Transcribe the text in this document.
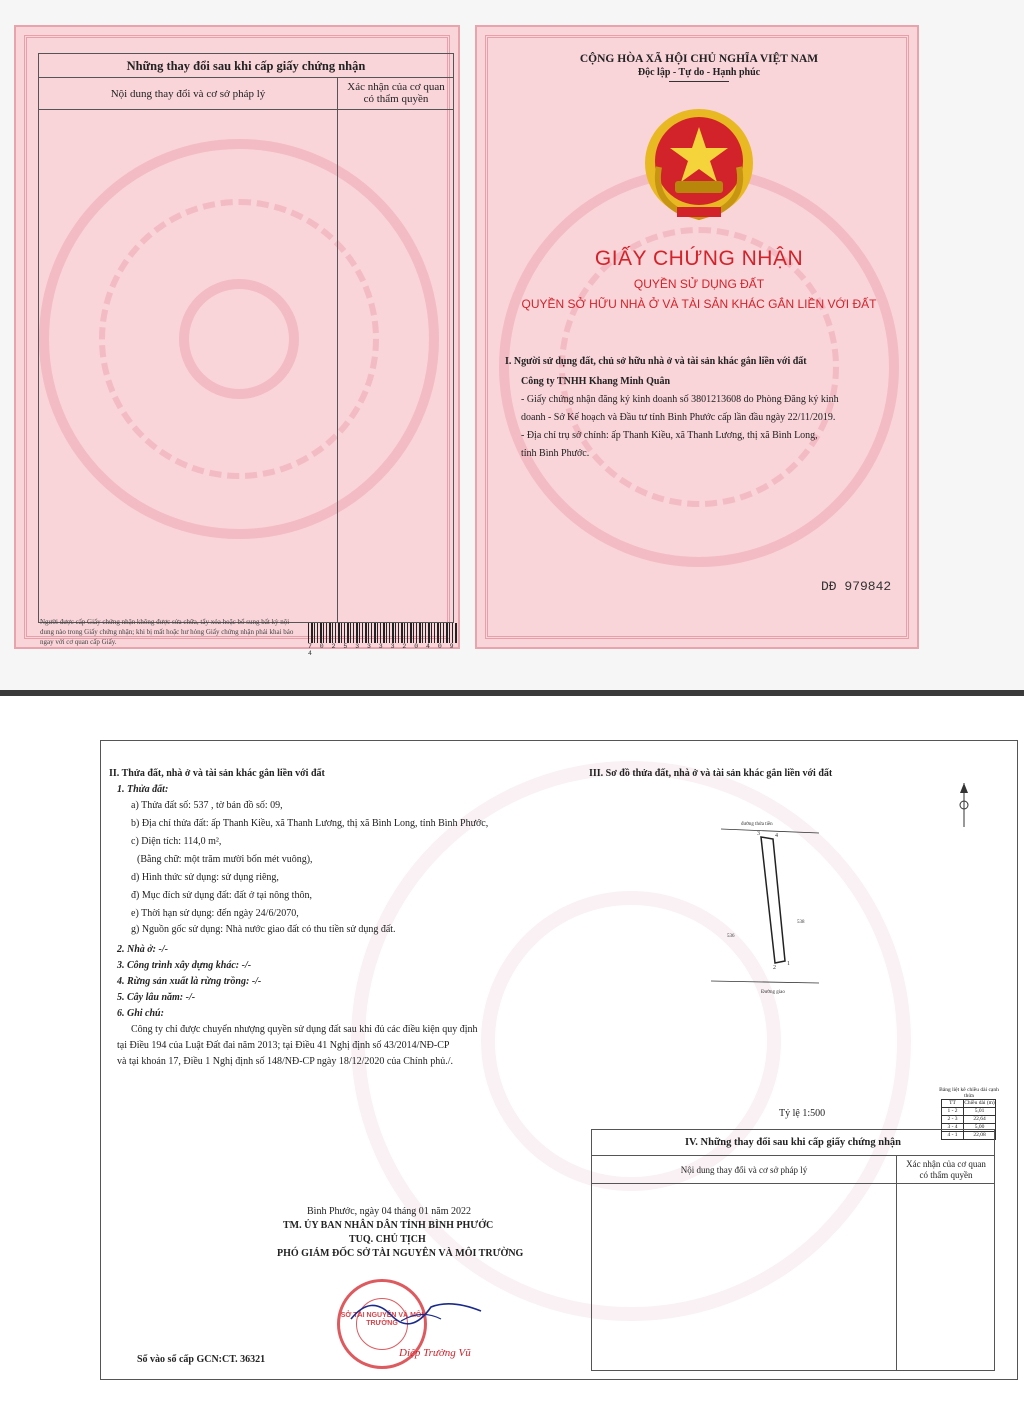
Những thay đổi sau khi cấp giấy chứng nhận
Nội dung thay đổi và cơ sở pháp lý
Xác nhận của cơ quan
có thẩm quyền
Người được cấp Giấy chứng nhận không được sửa chữa, tẩy xóa hoặc bổ sung bất kỳ nội dung nào trong Giấy chứng nhận; khi bị mất hoặc hư hỏng Giấy chứng nhận phải khai báo ngay với cơ quan cấp Giấy.
7 0 2 5 3 3 3 3 2 0 4 0 9 4
CỘNG HÒA XÃ HỘI CHỦ NGHĨA VIỆT NAM
Độc lập - Tự do - Hạnh phúc
GIẤY CHỨNG NHẬN
QUYỀN SỬ DỤNG ĐẤT
QUYỀN SỞ HỮU NHÀ Ở VÀ TÀI SẢN KHÁC GẮN LIỀN VỚI ĐẤT
I. Người sử dụng đất, chủ sở hữu nhà ở và tài sản khác gắn liền với đất
Công ty TNHH Khang Minh Quân
- Giấy chứng nhận đăng ký kinh doanh số 3801213608 do Phòng Đăng ký kinh
doanh - Sở Kế hoạch và Đầu tư tỉnh Bình Phước cấp lần đầu ngày 22/11/2019.
- Địa chỉ trụ sở chính: ấp Thanh Kiều, xã Thanh Lương, thị xã Bình Long,
tỉnh Bình Phước.
DĐ 979842
II. Thửa đất, nhà ở và tài sản khác gắn liền với đất	III. Sơ đồ thửa đất, nhà ở và tài sản khác gắn liền với đất
1. Thửa đất:
a) Thửa đất số: 537 , tờ bản đồ số: 09,
b) Địa chỉ thửa đất: ấp Thanh Kiều, xã Thanh Lương, thị xã Bình Long, tỉnh Bình Phước,
c) Diện tích: 114,0 m²,
(Bằng chữ: một trăm mười bốn mét vuông),
d) Hình thức sử dụng: sử dụng riêng,
đ) Mục đích sử dụng đất: đất ở tại nông thôn,
e) Thời hạn sử dụng: đến ngày 24/6/2070,
g) Nguồn gốc sử dụng: Nhà nước giao đất có thu tiền sử dụng đất.
2. Nhà ở: -/-
3. Công trình xây dựng khác: -/-
4. Rừng sản xuất là rừng trồng: -/-
5. Cây lâu năm: -/-
6. Ghi chú:
Công ty chỉ được chuyển nhượng quyền sử dụng đất sau khi đủ các điều kiện quy định
tại Điều 194 của Luật Đất đai năm 2013; tại Điều 41 Nghị định số 43/2014/NĐ-CP
và tại khoản 17, Điều 1 Nghị định số 148/NĐ-CP ngày 18/12/2020 của Chính phủ./.
đường thửa tiền
536
538
2
1
3	4
Đường giao
Bảng liệt kê chiều dài cạnh thửa
TT	Chiều dài (m)
1 - 2	5,01
2 - 3	22,64
3 - 4	5,00
4 - 1	22,08
Tỷ lệ 1:500
IV. Những thay đổi sau khi cấp giấy chứng nhận
Nội dung thay đổi và cơ sở pháp lý
Xác nhận của cơ quan
có thẩm quyền
Bình Phước, ngày 04 tháng 01 năm 2022
TM. ỦY BAN NHÂN DÂN TỈNH BÌNH PHƯỚC
TUQ. CHỦ TỊCH
PHÓ GIÁM ĐỐC SỞ TÀI NGUYÊN VÀ MÔI TRƯỜNG
SỞ TÀI NGUYÊN VÀ MÔI TRƯỜNG
Diệp Trường Vũ
Số vào sổ cấp GCN:CT. 36321
